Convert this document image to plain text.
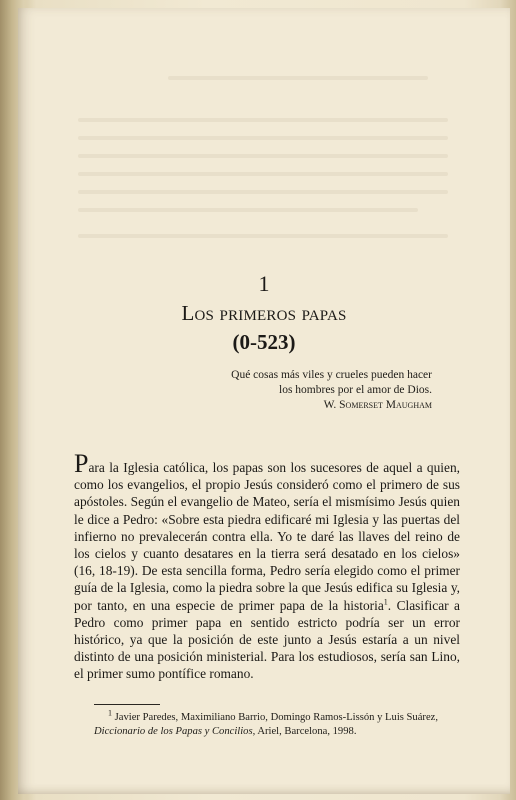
1
Los primeros papas
(0-523)
Qué cosas más viles y crueles pueden hacer
los hombres por el amor de Dios.
W. Somerset Maugham

Para la Iglesia católica, los papas son los sucesores de aquel a quien, como los evangelios, el propio Jesús consideró como el primero de sus apóstoles. Según el evangelio de Mateo, sería el mismísimo Jesús quien le dice a Pedro: «Sobre esta piedra edificaré mi Iglesia y las puertas del infierno no prevalecerán contra ella. Yo te daré las llaves del reino de los cielos y cuanto desatares en la tierra será desatado en los cielos» (16, 18-19). De esta sencilla forma, Pedro sería elegido como el primer guía de la Iglesia, como la piedra sobre la que Jesús edifica su Iglesia y, por tanto, en una especie de primer papa de la historia$^1$. Clasificar a Pedro como primer papa en sentido estricto podría ser un error histórico, ya que la posición de este junto a Jesús estaría a un nivel distinto de una posición ministerial. Para los estudiosos, sería san Lino, el primer sumo pontífice romano.

$^1$ Javier Paredes, Maximiliano Barrio, Domingo Ramos-Lissón y Luis Suárez, Diccionario de los Papas y Concilios, Ariel, Barcelona, 1998.
